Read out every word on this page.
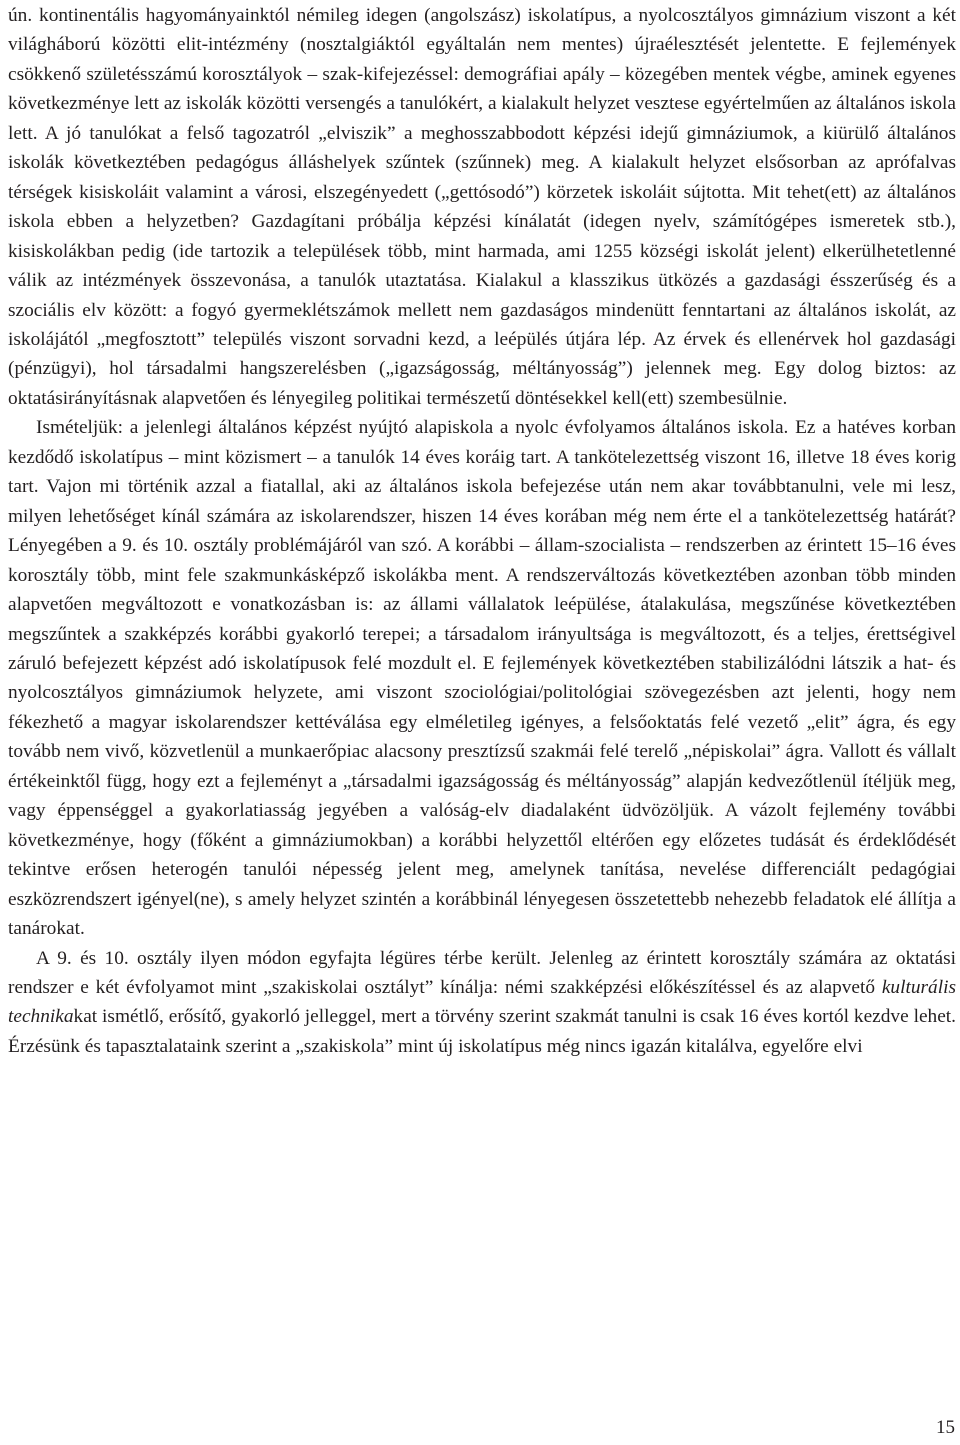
ún. kontinentális hagyományainktól némileg idegen (angolszász) iskolatípus, a nyolcosztályos gimnázium viszont a két világháború közötti elit-intézmény (nosztalgiáktól egyáltalán nem mentes) újraélesztését jelentette. E fejlemények csökkenő születésszámú korosztályok – szak-kifejezéssel: demográfiai apály – közegében mentek végbe, aminek egyenes következménye lett az iskolák közötti versengés a tanulókért, a kialakult helyzet vesztese egyértelműen az általános iskola lett. A jó tanulókat a felső tagozatról „elviszik” a meghosszabbodott képzési idejű gimnáziumok, a kiürülő általános iskolák következtében pedagógus álláshelyek szűntek (szűnnek) meg. A kialakult helyzet elsősorban az aprófalvas térségek kisiskoláit valamint a városi, elszegényedett („gettósodó”) körzetek iskoláit sújtotta. Mit tehet(ett) az általános iskola ebben a helyzetben? Gazdagítani próbálja képzési kínálatát (idegen nyelv, számítógépes ismeretek stb.), kisiskolákban pedig (ide tartozik a települések több, mint harmada, ami 1255 községi iskolát jelent) elkerülhetetlenné válik az intézmények összevonása, a tanulók utaztatása. Kialakul a klasszikus ütközés a gazdasági ésszerűség és a szociális elv között: a fogyó gyermeklétszámok mellett nem gazdaságos mindenütt fenntartani az általános iskolát, az iskolájától „megfosztott” település viszont sorvadni kezd, a leépülés útjára lép. Az érvek és ellenérvek hol gazdasági (pénzügyi), hol társadalmi hangszerelésben („igazságosság, méltányosság”) jelennek meg. Egy dolog biztos: az oktatásirányításnak alapvetően és lényegileg politikai természetű döntésekkel kell(ett) szembesülnie.

Ismételjük: a jelenlegi általános képzést nyújtó alapiskola a nyolc évfolyamos általános iskola. Ez a hatéves korban kezdődő iskolatípus – mint közismert – a tanulók 14 éves koráig tart. A tankötelezettség viszont 16, illetve 18 éves korig tart. Vajon mi történik azzal a fiatallal, aki az általános iskola befejezése után nem akar továbbtanulni, vele mi lesz, milyen lehetőséget kínál számára az iskolarendszer, hiszen 14 éves korában még nem érte el a tankötelezettség határát? Lényegében a 9. és 10. osztály problémájáról van szó. A korábbi – állam-szocialista – rendszerben az érintett 15–16 éves korosztály több, mint fele szakmunkásképző iskolákba ment. A rendszerváltozás következtében azonban több minden alapvetően megváltozott e vonatkozásban is: az állami vállalatok leépülése, átalakulása, megszűnése következtében megszűntek a szakképzés korábbi gyakorló terepei; a társadalom irányultsága is megváltozott, és a teljes, érettségivel záruló befejezett képzést adó iskolatípusok felé mozdult el. E fejlemények következtében stabilizálódni látszik a hat- és nyolcosztályos gimnáziumok helyzete, ami viszont szociológiai/politológiai szövegezésben azt jelenti, hogy nem fékezhető a magyar iskolarendszer kettéválása egy elméletileg igényes, a felsőoktatás felé vezető „elit” ágra, és egy tovább nem vivő, közvetlenül a munkaerőpiac alacsony presztízsű szakmái felé terelő „népiskolai” ágra. Vallott és vállalt értékeinktől függ, hogy ezt a fejleményt a „társadalmi igazságosság és méltányosság” alapján kedvezőtlenül ítéljük meg, vagy éppenséggel a gyakorlatiasság jegyében a valóság-elv diadalaként üdvözöljük. A vázolt fejlemény további következménye, hogy (főként a gimnáziumokban) a korábbi helyzettől eltérően egy előzetes tudását és érdeklődését tekintve erősen heterogén tanulói népesség jelent meg, amelynek tanítása, nevelése differenciált pedagógiai eszközrendszert igényel(ne), s amely helyzet szintén a korábbinál lényegesen összetettebb nehezebb feladatok elé állítja a tanárokat.

A 9. és 10. osztály ilyen módon egyfajta légüres térbe került. Jelenleg az érintett korosztály számára az oktatási rendszer e két évfolyamot mint „szakiskolai osztályt” kínálja: némi szakképzési előkészítéssel és az alapvető kulturális technikakat ismétlő, erősítő, gyakorló jelleggel, mert a törvény szerint szakmát tanulni is csak 16 éves kortól kezdve lehet. Érzésünk és tapasztalataink szerint a „szakiskola” mint új iskolatípus még nincs igazán kitalálva, egyelőre elvi

15
